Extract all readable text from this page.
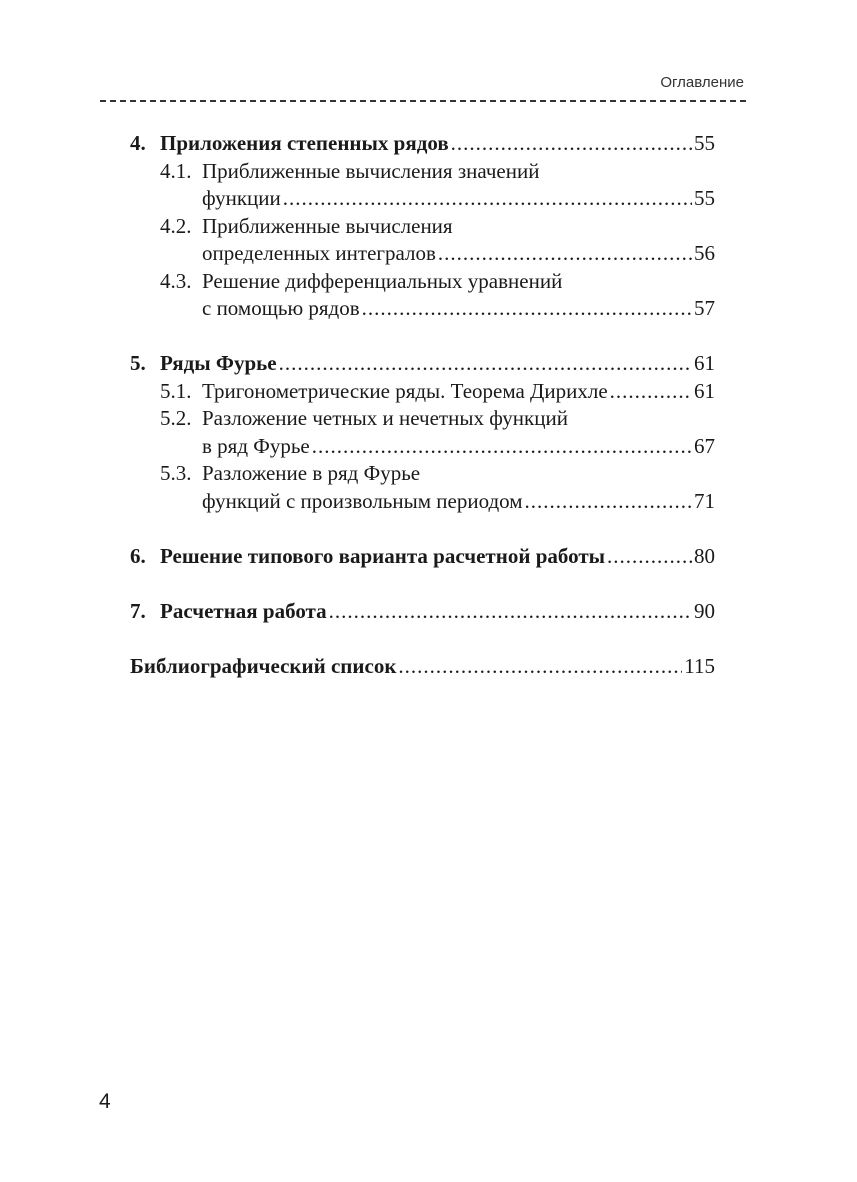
Оглавление
4. Приложения степенных рядов .....	55
4.1. Приближенные вычисления значений
функции .....	55
4.2. Приближенные вычисления
определенных интегралов .....	56
4.3. Решение дифференциальных уравнений
с помощью рядов .....	57
5. Ряды Фурье .....	61
5.1. Тригонометрические ряды. Теорема Дирихле .....	61
5.2. Разложение четных и нечетных функций
в ряд Фурье .....	67
5.3. Разложение в ряд Фурье
функций с произвольным периодом .....	71
6. Решение типового варианта расчетной работы .....	80
7. Расчетная работа .....	90
Библиографический список .....	115
4
